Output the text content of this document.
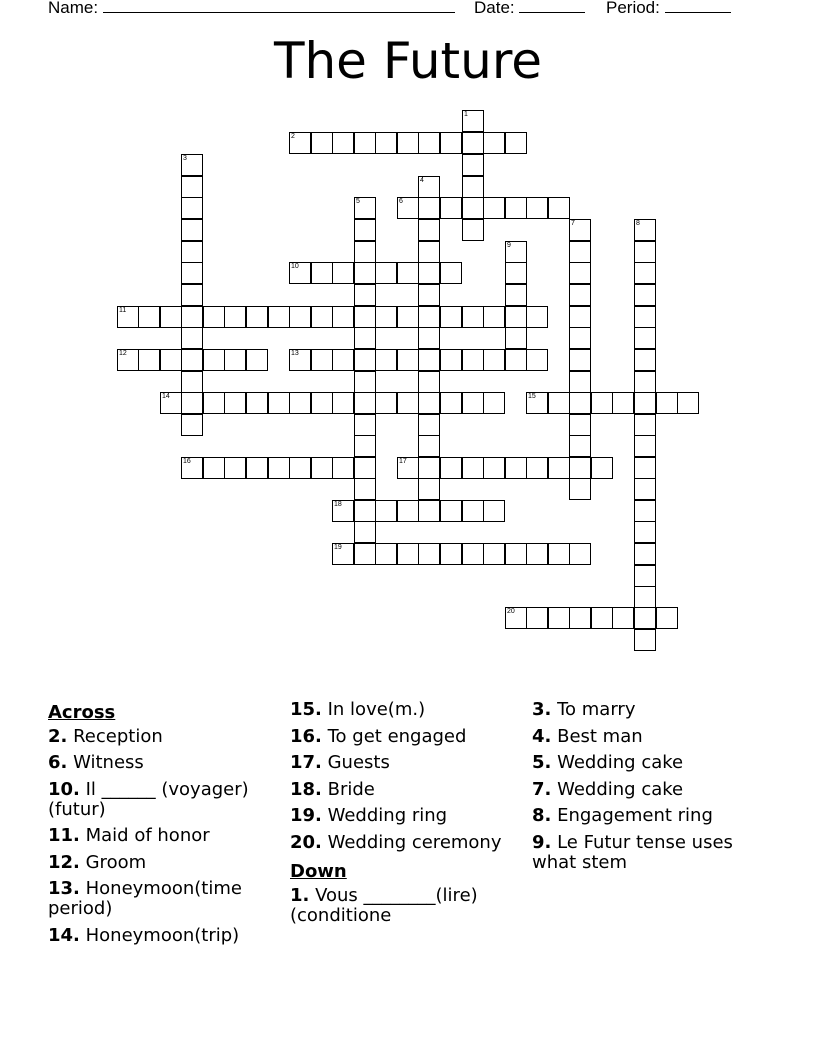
Name:	Date:	Period:
The Future
1
2
3
4
5	6
7	8
9
10
11
12	13
14	15
16	17
18
19
20
Across
2. Reception
6. Witness
10. Il ______ (voyager)(futur)
11. Maid of honor
12. Groom
13. Honeymoon(time period)
14. Honeymoon(trip)
15. In love(m.)
16. To get engaged
17. Guests
18. Bride
19. Wedding ring
20. Wedding ceremony
Down
1. Vous ________(lire)(conditione
3. To marry
4. Best man
5. Wedding cake
7. Wedding cake
8. Engagement ring
9. Le Futur tense uses what stem
